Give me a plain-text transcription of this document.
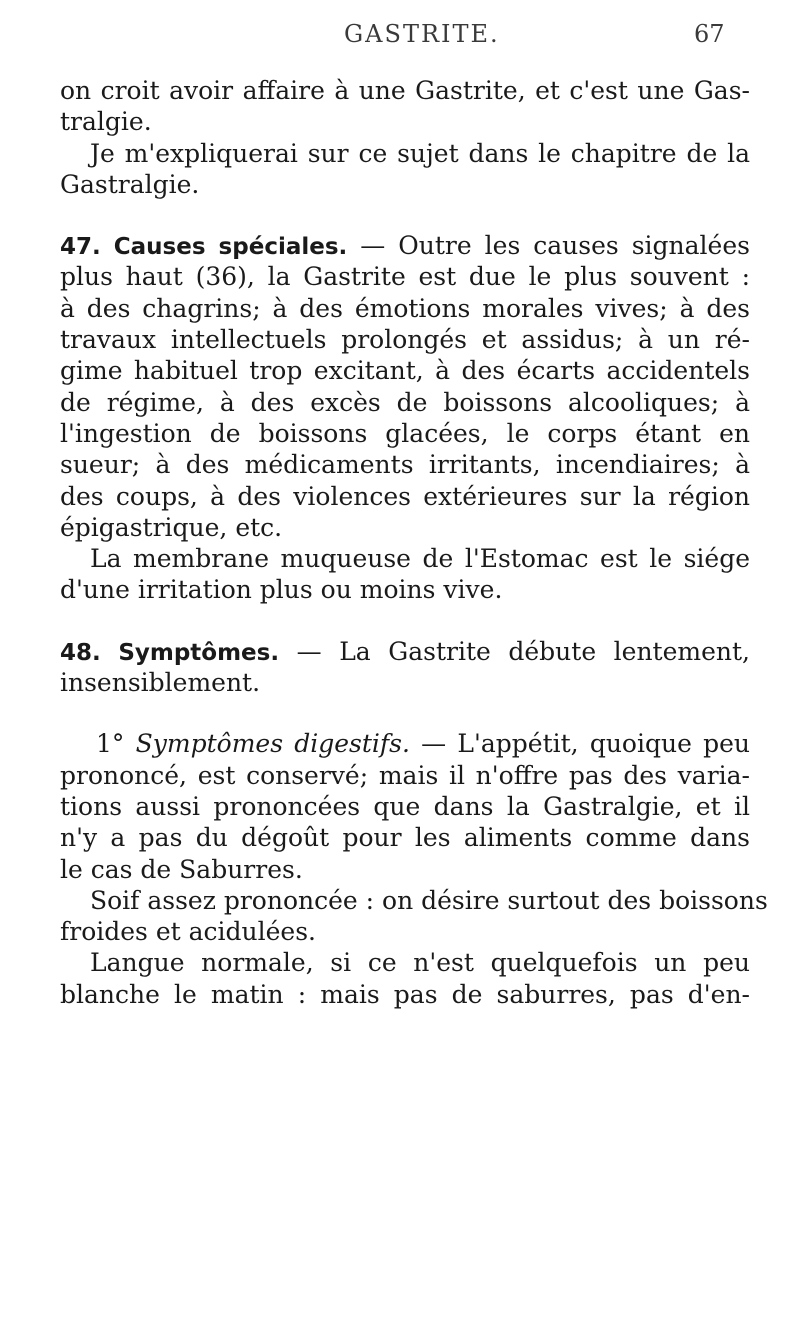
GASTRITE.	67
on croit avoir affaire à une Gastrite, et c'est une Gas-
tralgie.
Je m'expliquerai sur ce sujet dans le chapitre de la
Gastralgie.
47. Causes spéciales. — Outre les causes signalées
plus haut (36), la Gastrite est due le plus souvent :
à des chagrins; à des émotions morales vives; à des
travaux intellectuels prolongés et assidus; à un ré-
gime habituel trop excitant, à des écarts accidentels
de régime, à des excès de boissons alcooliques; à
l'ingestion de boissons glacées, le corps étant en
sueur; à des médicaments irritants, incendiaires; à
des coups, à des violences extérieures sur la région
épigastrique, etc.
La membrane muqueuse de l'Estomac est le siége
d'une irritation plus ou moins vive.
48. Symptômes. — La Gastrite débute lentement,
insensiblement.
1° Symptômes digestifs. — L'appétit, quoique peu
prononcé, est conservé; mais il n'offre pas des varia-
tions aussi prononcées que dans la Gastralgie, et il
n'y a pas du dégoût pour les aliments comme dans
le cas de Saburres.
Soif assez prononcée : on désire surtout des boissons
froides et acidulées.
Langue normale, si ce n'est quelquefois un peu
blanche le matin : mais pas de saburres, pas d'en-
